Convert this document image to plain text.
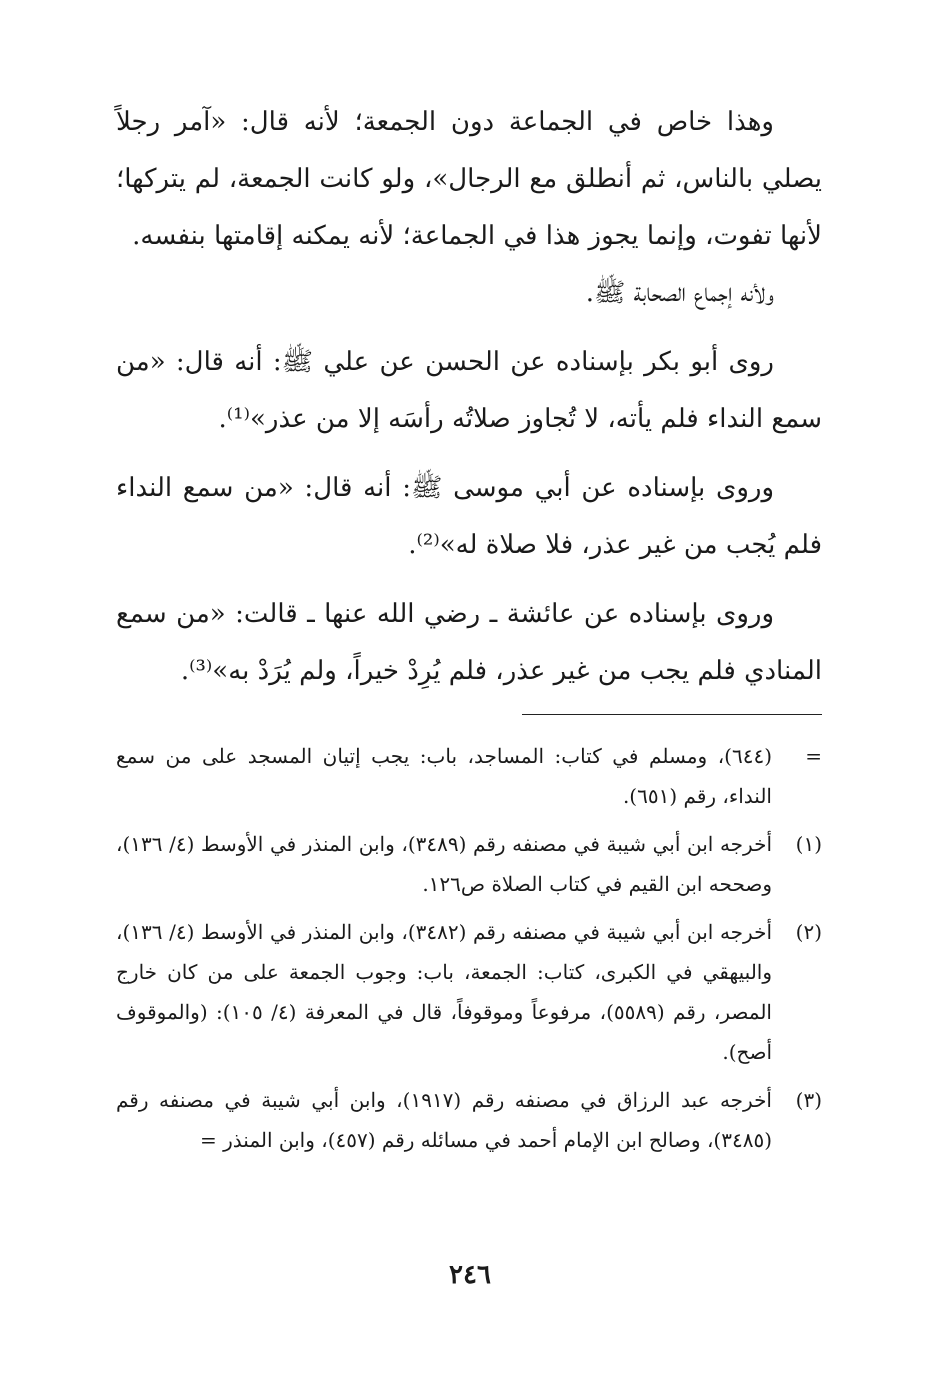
وهذا خاص في الجماعة دون الجمعة؛ لأنه قال: «آمر رجلاً يصلي بالناس، ثم أنطلق مع الرجال»، ولو كانت الجمعة، لم يتركها؛ لأنها تفوت، وإنما يجوز هذا في الجماعة؛ لأنه يمكنه إقامتها بنفسه.

ولأنه إجماع الصحابة ﷺ.

روى أبو بكر بإسناده عن الحسن عن علي ﷺ: أنه قال: «من سمع النداء فلم يأته، لا تُجاوز صلاتُه رأسَه إلا من عذر»⁽¹⁾.

وروى بإسناده عن أبي موسى ﷺ: أنه قال: «من سمع النداء فلم يُجب من غير عذر، فلا صلاة له»⁽²⁾.

وروى بإسناده عن عائشة ـ رضي الله عنها ـ قالت: «من سمع المنادي فلم يجب من غير عذر، فلم يُرِدْ خيراً، ولم يُرَدْ به»⁽³⁾.

=
(٦٤٤)، ومسلم في كتاب: المساجد، باب: يجب إتيان المسجد على من سمع النداء، رقم (٦٥١).
(١)
أخرجه ابن أبي شيبة في مصنفه رقم (٣٤٨٩)، وابن المنذر في الأوسط (٤/ ١٣٦)، وصححه ابن القيم في كتاب الصلاة ص١٢٦.
(٢)
أخرجه ابن أبي شيبة في مصنفه رقم (٣٤٨٢)، وابن المنذر في الأوسط (٤/ ١٣٦)، والبيهقي في الكبرى، كتاب: الجمعة، باب: وجوب الجمعة على من كان خارج المصر، رقم (٥٥٨٩)، مرفوعاً وموقوفاً، قال في المعرفة (٤/ ١٠٥): (والموقوف أصح).
(٣)
أخرجه عبد الرزاق في مصنفه رقم (١٩١٧)، وابن أبي شيبة في مصنفه رقم (٣٤٨٥)، وصالح ابن الإمام أحمد في مسائله رقم (٤٥٧)، وابن المنذر =
٢٤٦
